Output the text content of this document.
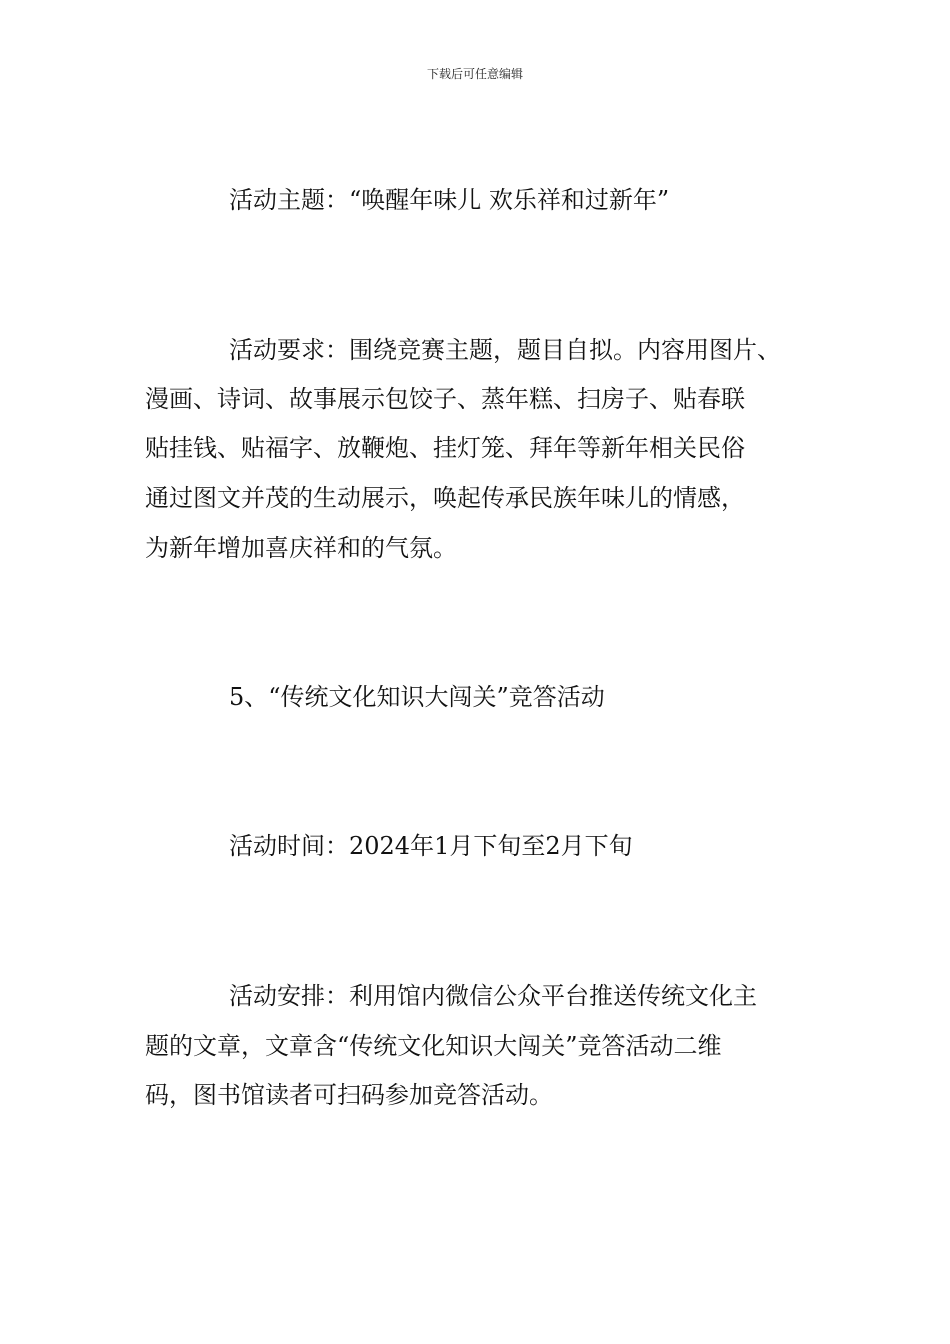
下载后可任意编辑
活动主题：“唤醒年味儿 欢乐祥和过新年”
活动要求：围绕竞赛主题，题目自拟。内容用图片、
漫画、诗词、故事展示包饺子、蒸年糕、扫房子、贴春联
贴挂钱、贴福字、放鞭炮、挂灯笼、拜年等新年相关民俗
通过图文并茂的生动展示，唤起传承民族年味儿的情感，
为新年增加喜庆祥和的气氛。
5、“传统文化知识大闯关”竞答活动
活动时间：2024年1月下旬至2月下旬
活动安排：利用馆内微信公众平台推送传统文化主
题的文章，文章含“传统文化知识大闯关”竞答活动二维
码，图书馆读者可扫码参加竞答活动。
